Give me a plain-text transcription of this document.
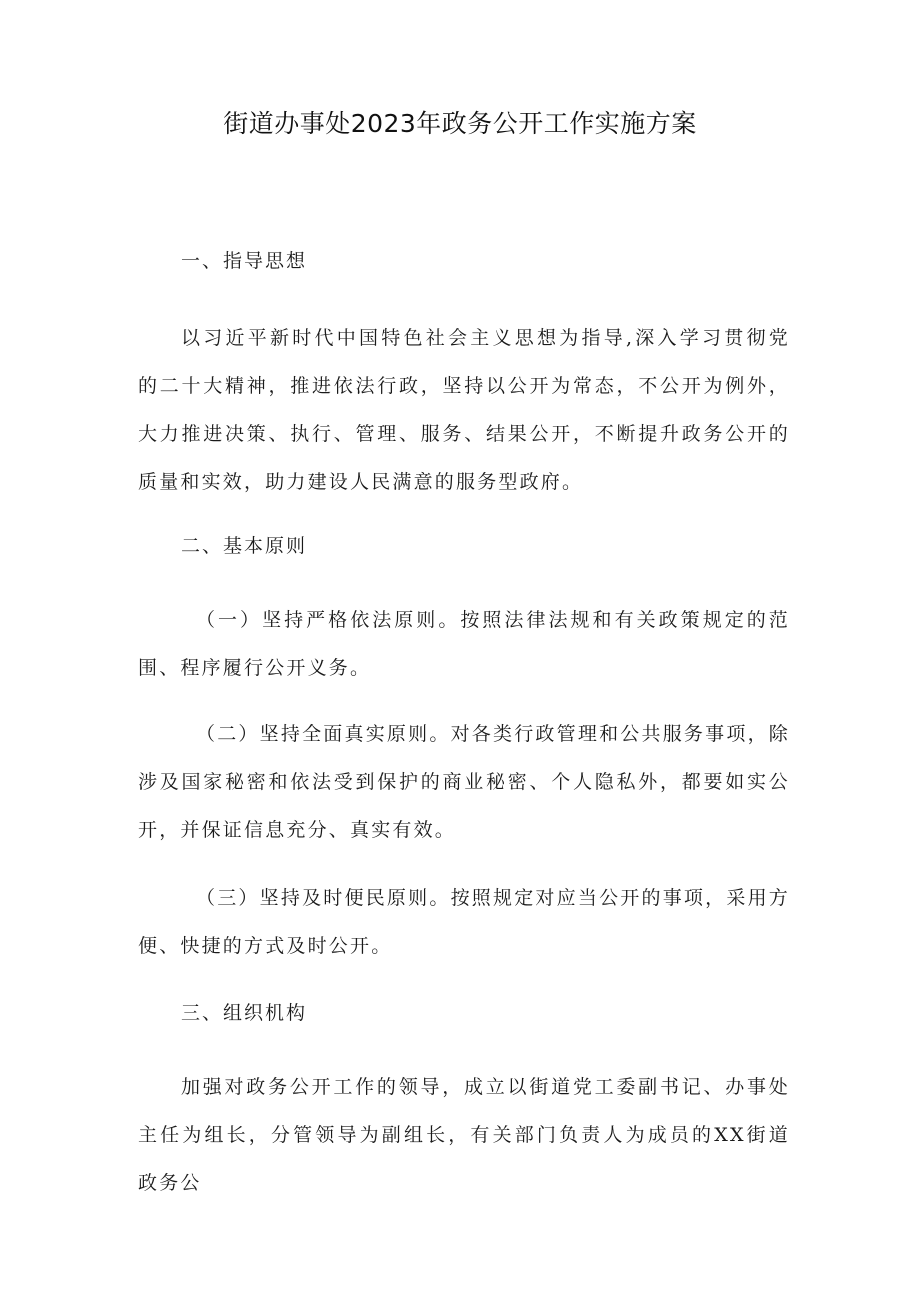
街道办事处2023年政务公开工作实施方案
一、指导思想
以习近平新时代中国特色社会主义思想为指导,深入学习贯彻党 的二十大精神，推进依法行政，坚持以公开为常态，不公开为例外，大力推进决策、执行、管理、服务、结果公开，不断提升政务公开的  质量和实效，助力建设人民满意的服务型政府。
二、基本原则
（一）坚持严格依法原则。按照法律法规和有关政策规定的范围、程序履行公开义务。
（二）坚持全面真实原则。对各类行政管理和公共服务事项，除 涉及国家秘密和依法受到保护的商业秘密、个人隐私外，都要如实公 开，并保证信息充分、真实有效。
（三）坚持及时便民原则。按照规定对应当公开的事项，采用方 便、快捷的方式及时公开。
三、组织机构
加强对政务公开工作的领导，成立以街道党工委副书记、办事处  主任为组长，分管领导为副组长，有关部门负责人为成员的XX街道 政务公
